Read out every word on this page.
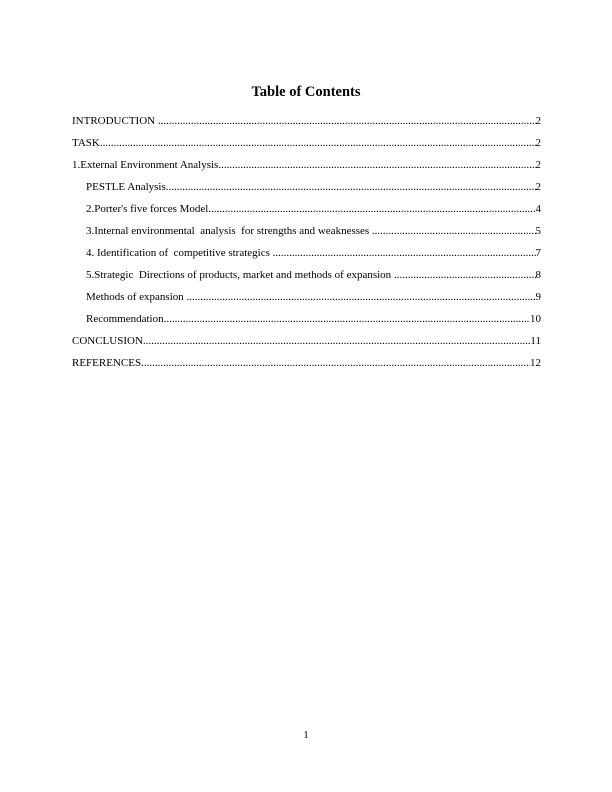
Table of Contents
INTRODUCTION .....	2
TASK .....	2
1.External Environment Analysis .....	2
PESTLE Analysis .....	2
2.Porter's five forces Model .....	4
3.Internal environmental  analysis  for strengths and weaknesses .....	5
4. Identification of  competitive strategics .....	7
5.Strategic  Directions of products, market and methods of expansion .....	8
Methods of expansion .....	9
Recommendation .....	10
CONCLUSION .....	11
REFERENCES .....	12
1
